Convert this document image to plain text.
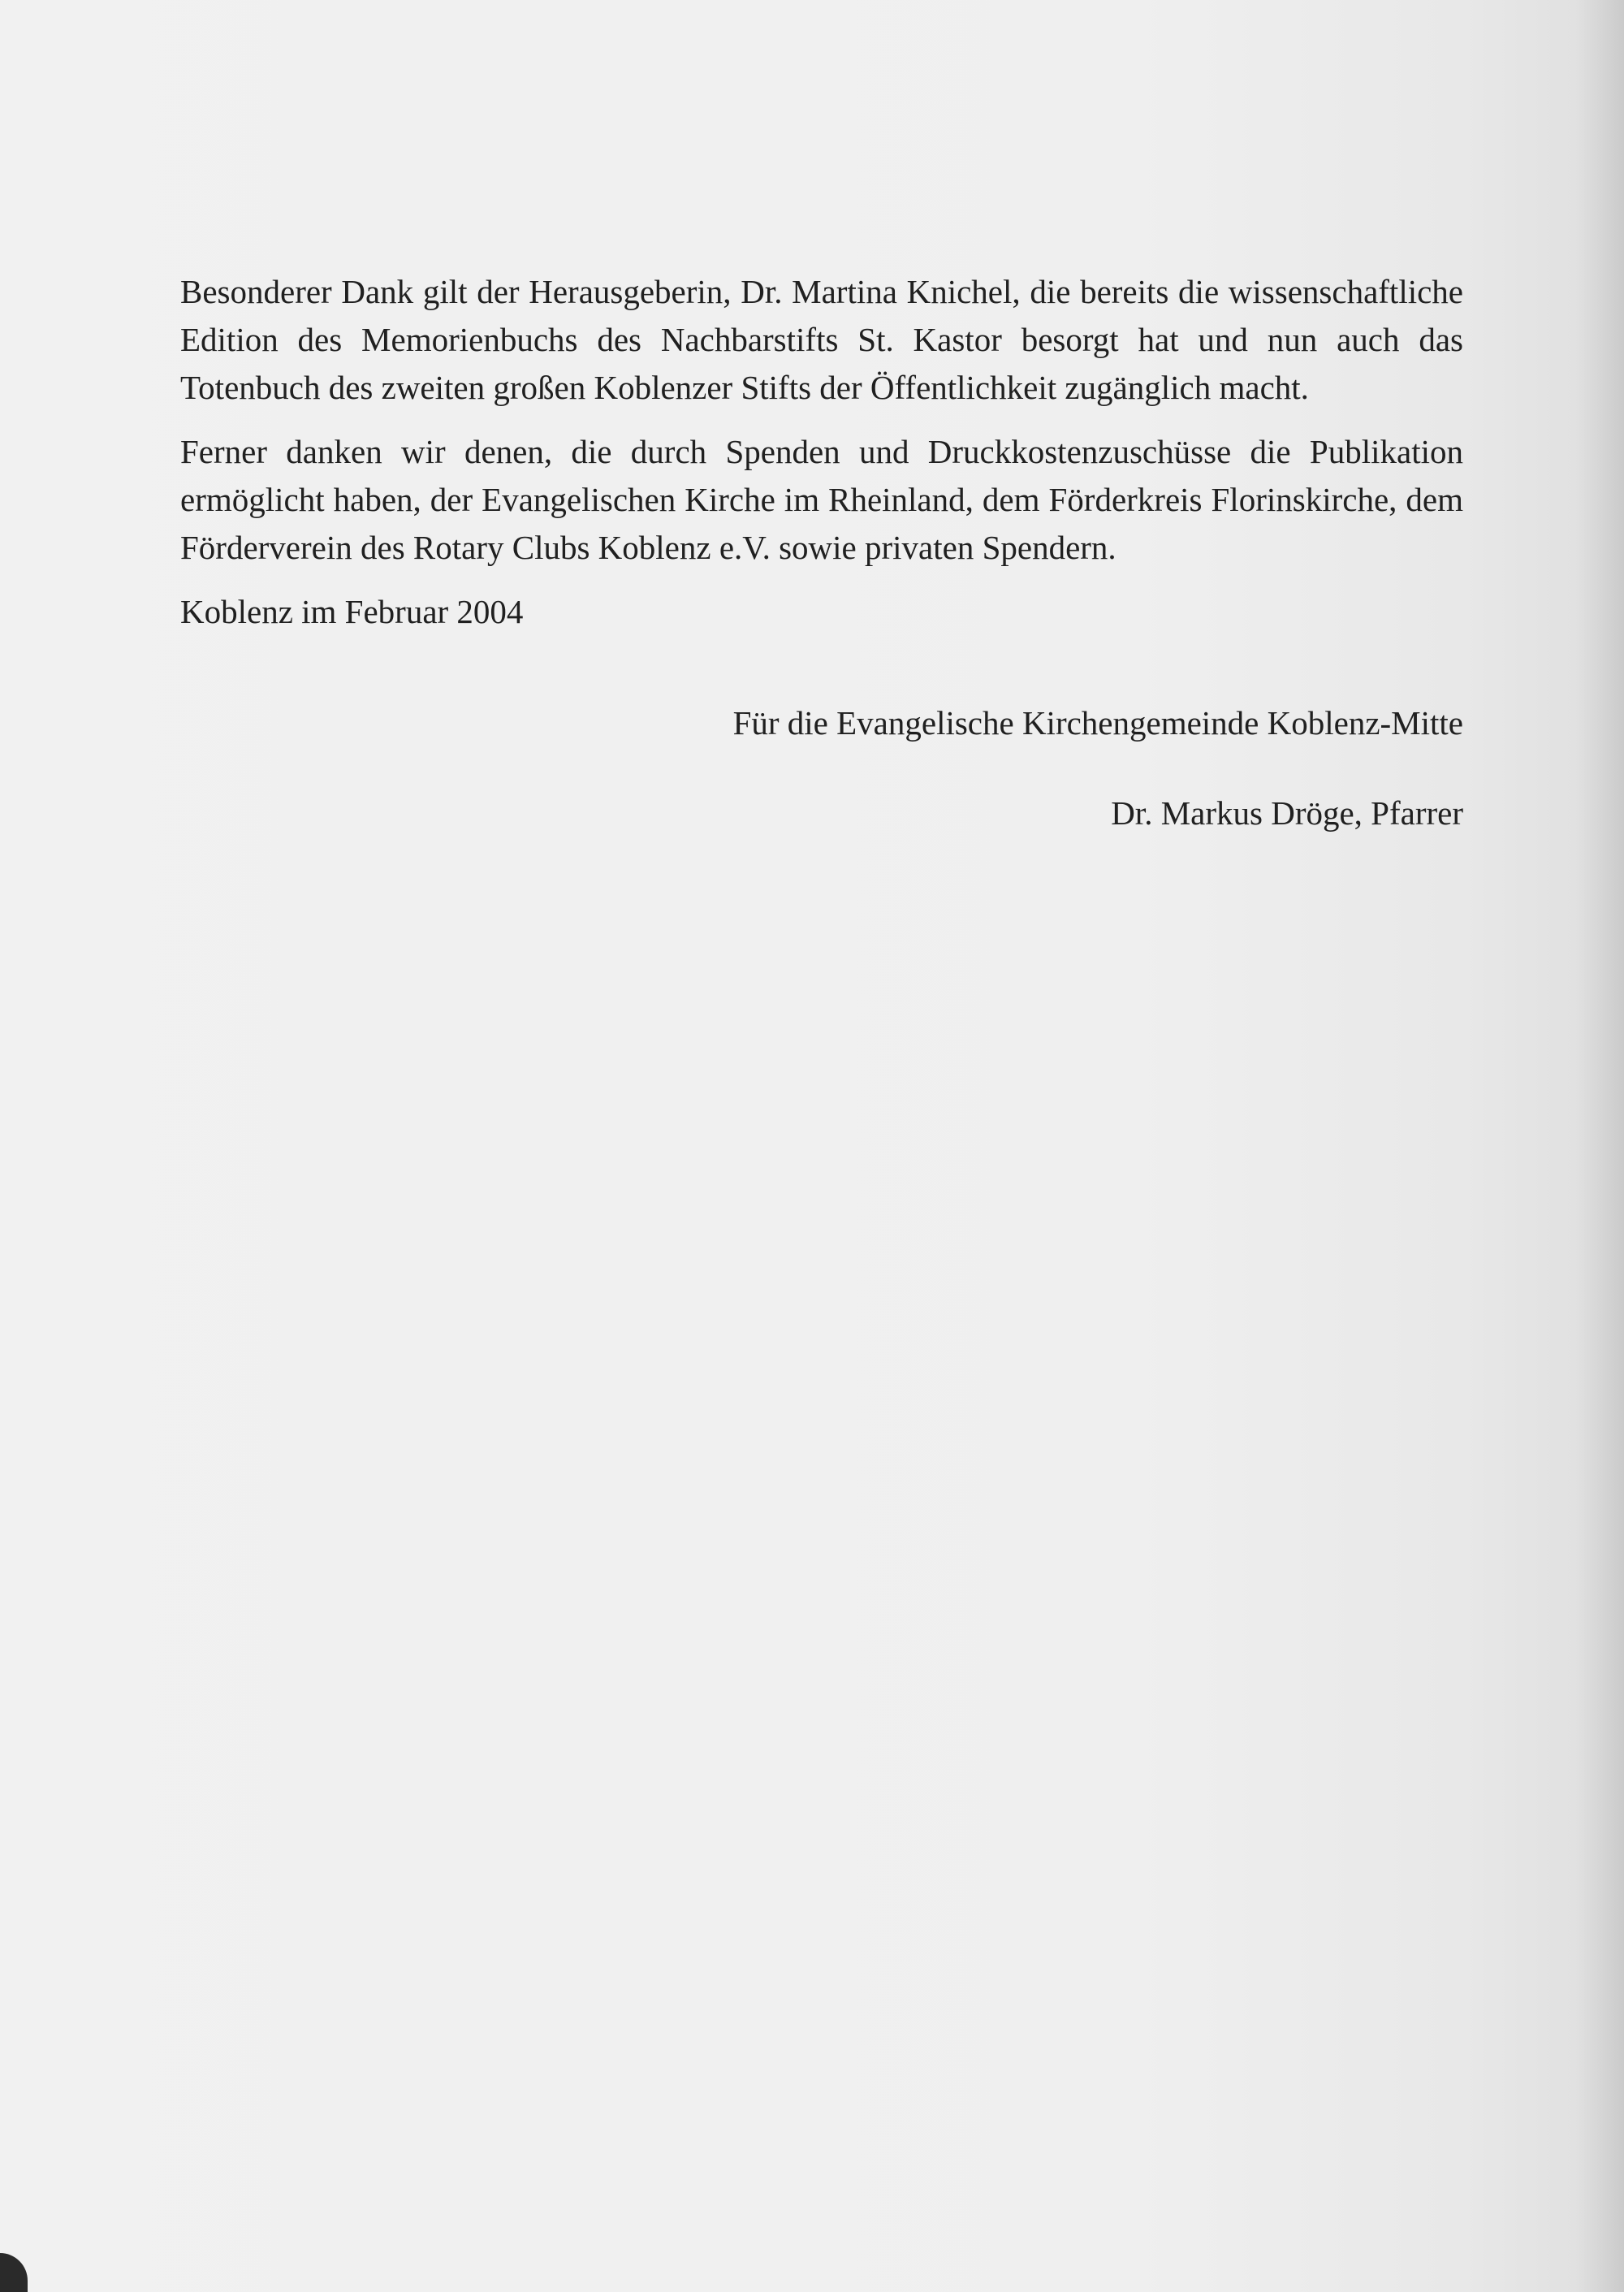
Besonderer Dank gilt der Herausgeberin, Dr. Martina Knichel, die bereits die wissenschaftliche Edition des Memorienbuchs des Nachbarstifts St. Kastor besorgt hat und nun auch das Totenbuch des zweiten großen Koblenzer Stifts der Öffentlichkeit zugänglich macht.

Ferner danken wir denen, die durch Spenden und Druckkostenzuschüsse die Publikation ermöglicht haben, der Evangelischen Kirche im Rheinland, dem Förderkreis Florinskirche, dem Förderverein des Rotary Clubs Koblenz e.V. sowie privaten Spendern.

Koblenz im Februar 2004

Für die Evangelische Kirchengemeinde Koblenz-Mitte

Dr. Markus Dröge, Pfarrer
